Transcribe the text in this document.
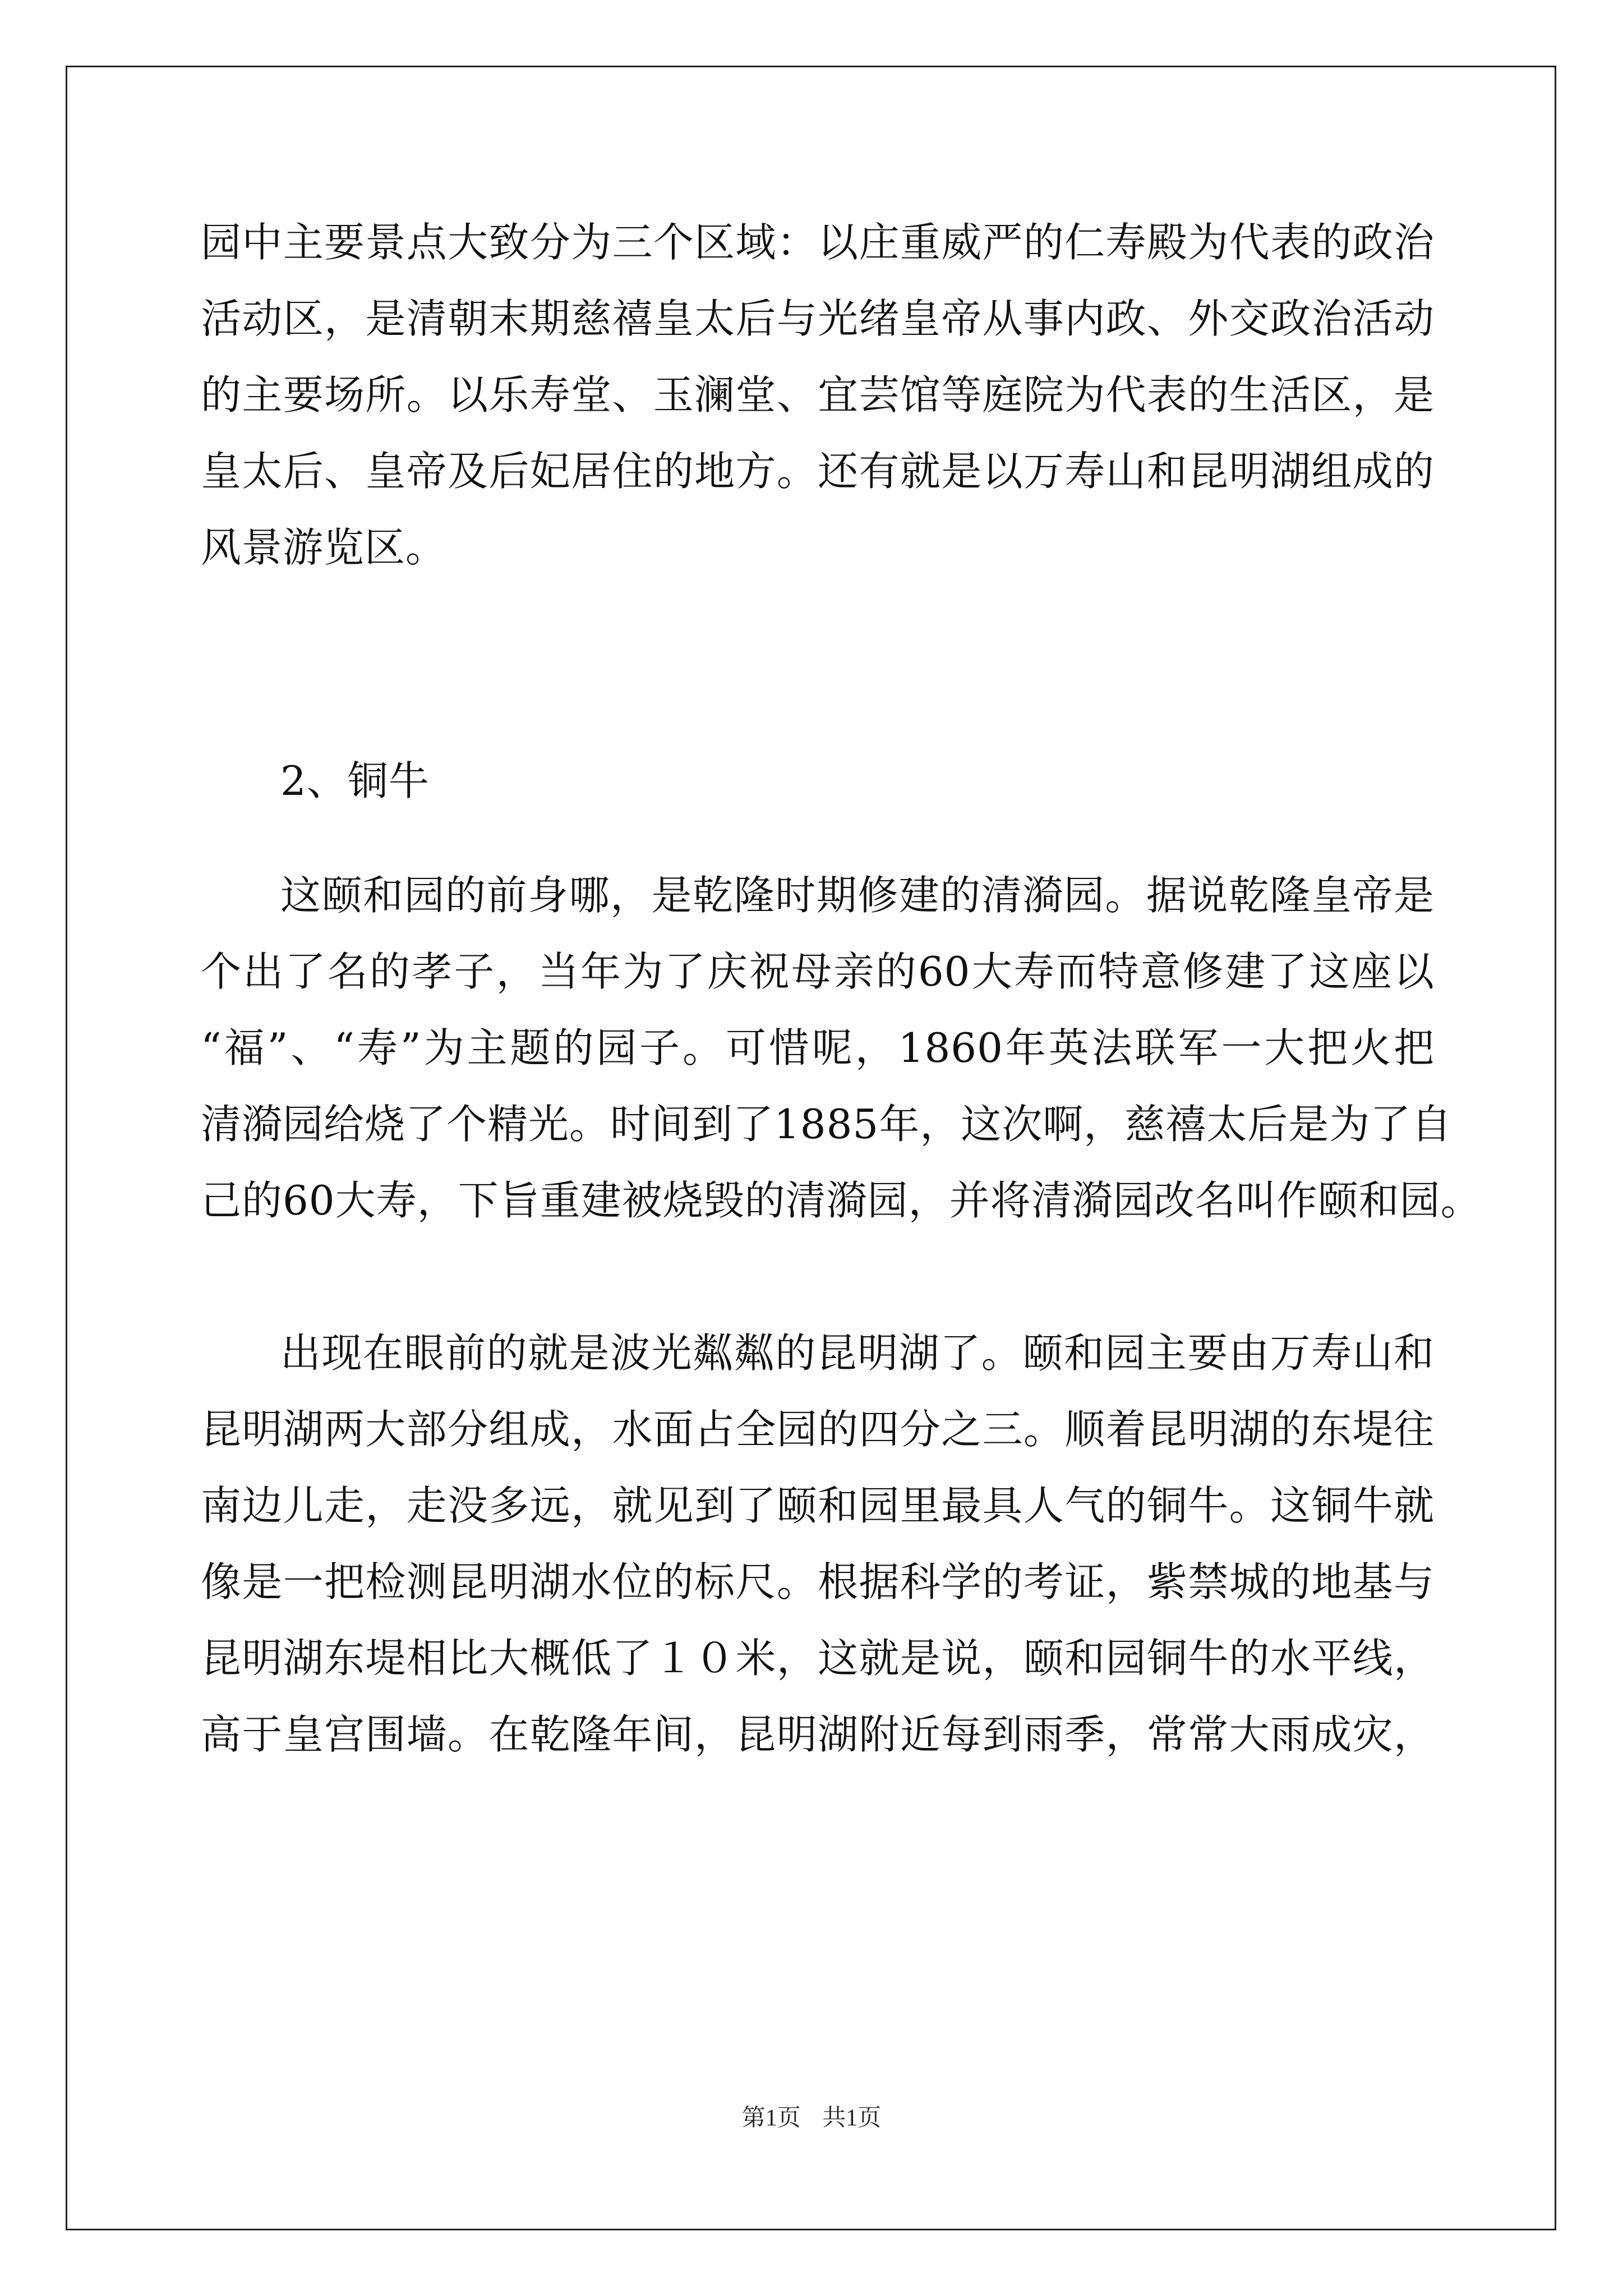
园中主要景点大致分为三个区域：以庄重威严的仁寿殿为代表的政治
活动区，是清朝末期慈禧皇太后与光绪皇帝从事内政、外交政治活动
的主要场所。以乐寿堂、玉澜堂、宜芸馆等庭院为代表的生活区，是
皇太后、皇帝及后妃居住的地方。还有就是以万寿山和昆明湖组成的
风景游览区。
2、铜牛
这颐和园的前身哪，是乾隆时期修建的清漪园。据说乾隆皇帝是
个出了名的孝子，当年为了庆祝母亲的60大寿而特意修建了这座以
“福”、“寿”为主题的园子。可惜呢，1860年英法联军一大把火把
清漪园给烧了个精光。时间到了1885年，这次啊，慈禧太后是为了自
己的60大寿，下旨重建被烧毁的清漪园，并将清漪园改名叫作颐和园。
出现在眼前的就是波光粼粼的昆明湖了。颐和园主要由万寿山和
昆明湖两大部分组成，水面占全园的四分之三。顺着昆明湖的东堤往
南边儿走，走没多远，就见到了颐和园里最具人气的铜牛。这铜牛就
像是一把检测昆明湖水位的标尺。根据科学的考证，紫禁城的地基与
昆明湖东堤相比大概低了１０米，这就是说，颐和园铜牛的水平线，
高于皇宫围墙。在乾隆年间，昆明湖附近每到雨季，常常大雨成灾，
第1页 共1页
